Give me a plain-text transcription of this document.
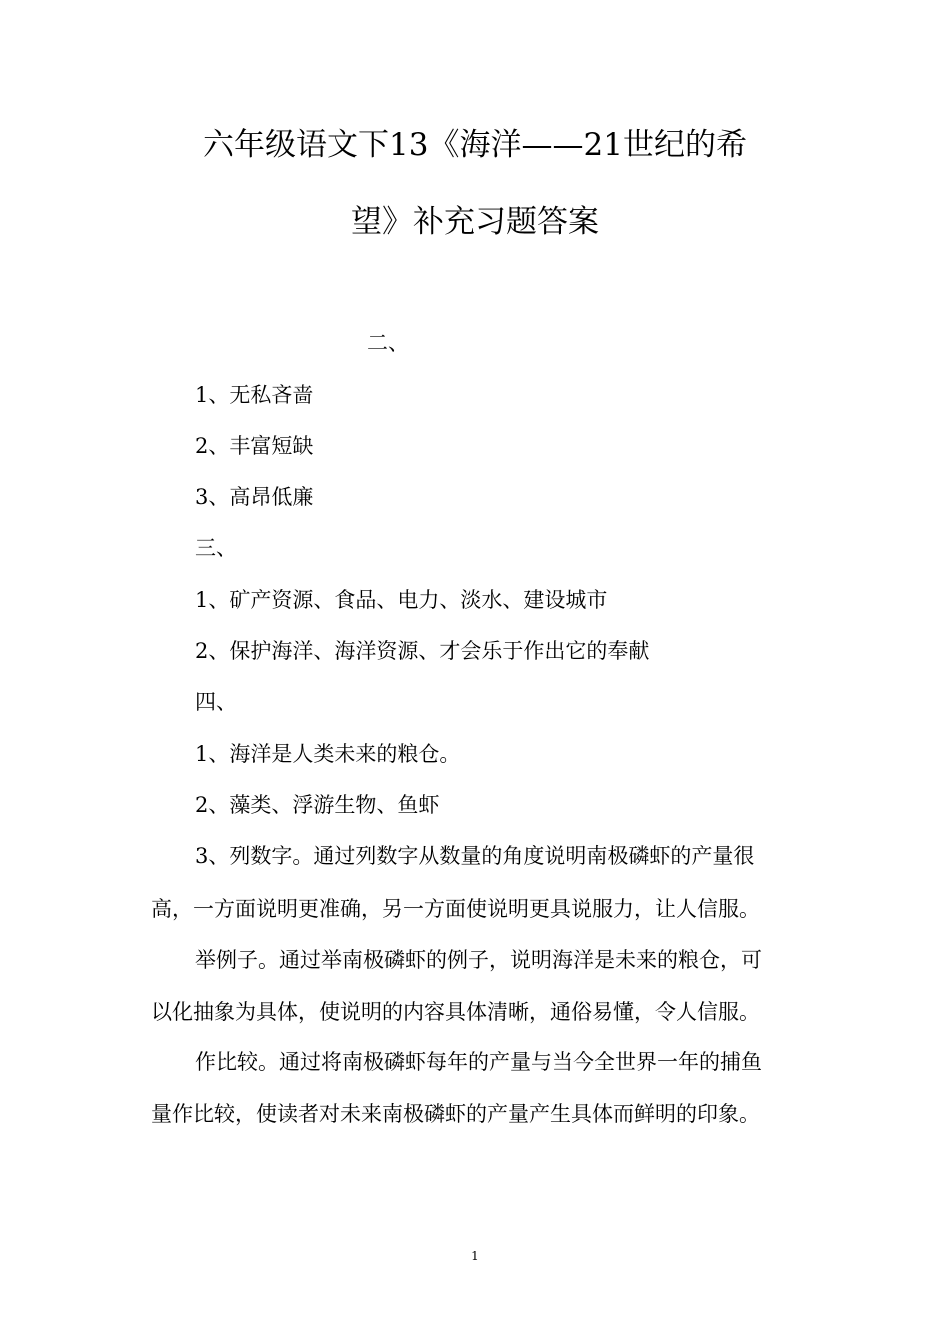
六年级语文下13《海洋——21世纪的希
望》补充习题答案
二、
1、无私吝啬
2、丰富短缺
3、高昂低廉
三、
1、矿产资源、食品、电力、淡水、建设城市
2、保护海洋、海洋资源、才会乐于作出它的奉献
四、
1、海洋是人类未来的粮仓。
2、藻类、浮游生物、鱼虾
3、列数字。通过列数字从数量的角度说明南极磷虾的产量很
高，一方面说明更准确，另一方面使说明更具说服力，让人信服。
举例子。通过举南极磷虾的例子，说明海洋是未来的粮仓，可
以化抽象为具体，使说明的内容具体清晰，通俗易懂，令人信服。
作比较。通过将南极磷虾每年的产量与当今全世界一年的捕鱼
量作比较，使读者对未来南极磷虾的产量产生具体而鲜明的印象。
1
